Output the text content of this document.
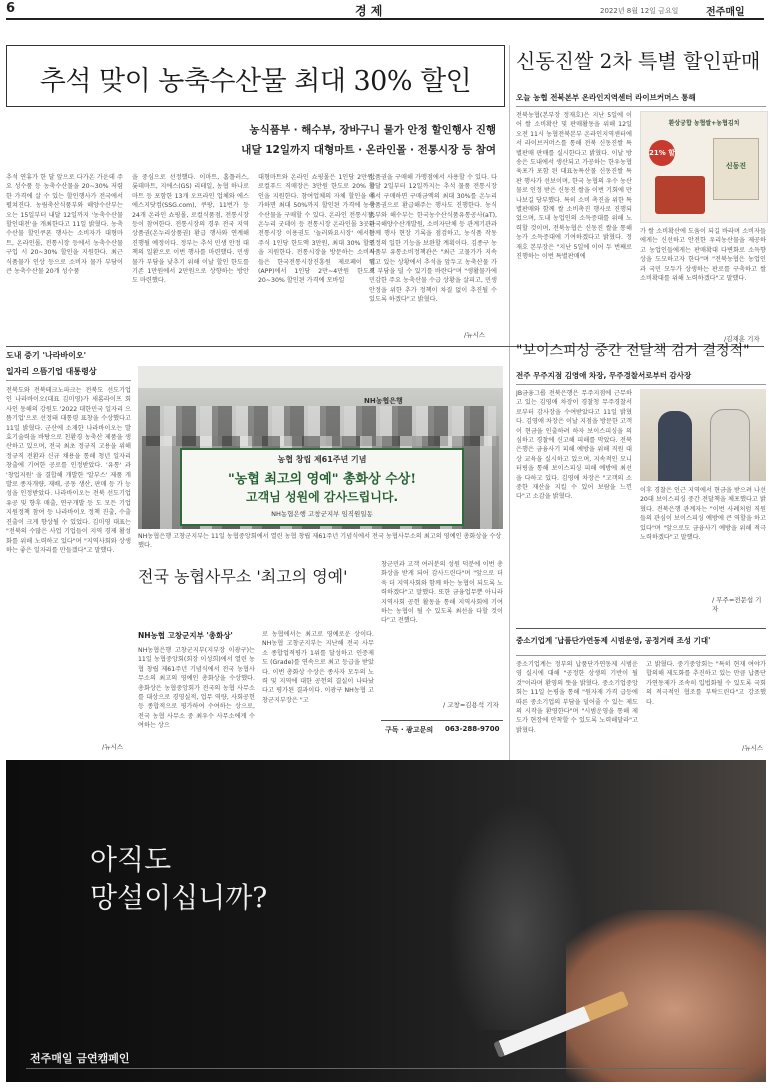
6	경 제	2022년 8월 12일 금요일	전주매일
추석 맞이 농축수산물 최대 30% 할인
농식품부 · 해수부, 장바구니 물가 안정 할인행사 진행
내달 12일까지 대형마트 · 온라인몰 · 전통시장 등 참여
추석 연휴가 한 달 앞으로 다가온 가운데 주요 성수품 등 농축수산물을 20~30% 저렴한 가격에 살 수 있는 할인행사가 전국에서 펼쳐진다. 농림축산식품부와 해양수산부는 오는 15일부터 내달 12일까지 '농축수산물 할인대전'을 개최한다고 11일 밝혔다. 농축수산물 할인쿠폰 행사는 소비자가 대형마트, 온라인몰, 전통시장 등에서 농축수산물 구입 시 20~30% 할인을 지원한다. 최근 식품물가 인상 등으로 소비자 물가 부담이 큰 농축수산물 20개 성수품
을 중심으로 선정했다. 이마트, 홈플러스, 롯데마트, 지에스(GS) 리테일, 농협 하나로마트 등 포함한 13개 오프라인 업체와 에스에스지닷컴(SSG.com), 쿠팡, 11번가 등 24개 온라인 쇼핑몰, 로컬식품점, 전통시장 등이 참여한다. 전통시장의 경우 전국 지역상품권(온누리상품권) 환급 행사와 연계해 진행될 예정이다. 정부는 추석 민생 안정 대책의 일환으로 이번 행사를 마련했다. 민생 물가 부담을 낮추기 위해 이날 할인 한도를 기존 1만원에서 2만원으로 상향하는 방안도 마련했다.
대형마트와 온라인 쇼핑몰은 1인당 2만원, 로컬푸드 직매장은 3만원 한도로 20% 할인을 지원한다. 참여업체의 자체 할인을 추가하면 최대 50%까지 할인된 가격에 농축수산물을 구매할 수 있다. 온라인 전통시장, 온누리 굿데이 등 전통시장 온라인몰 3곳과 전통시장 이용권도 '놀러와요시장' 에서는 주식 1인당 한도액 3만원, 최대 30% 할인을 지원한다. 전통시장을 방문하는 소비자들은 한국전통시장진흥원 제로페이 앱(APP)에서 1인당 2만~4만원 한도로 20~30% 할인된 가격에 모바일
상품권을 구매해 가맹점에서 사용할 수 있다. 다음달 2일부터 12일까지는 추석 물품 전통시장에서 구매하면 구매금액의 최대 30%를 온누리상품권으로 환급해주는 행사도 진행한다. 농식품부와 해수부는 한국농수산식품유통공사(aT), 한국해양수산개발원, 소비자단체 등 관계기관과 함께 행사 현장 기록을 점검하고, 농식품 작동 조정의 일한 기능을 보완할 계획이다. 김종구 농식품부 유통소비정책관은 "최근 고물가가 지속되고 있는 상황에서 추석을 앞두고 농축산물 가격 부담을 덜 수 있기를 바란다"며 "생활물가에 민감한 주요 농축산물 수급 상황을 살피고, 민생 안정을 위한 추가 정책이 차질 없이 추진될 수 있도록 하겠다"고 밝혔다.
/뉴시스
신동진쌀 2차 특별 할인판매
오늘 농협 전북본부 온라인지역센터 라이브커머스 통해
전북농협(본부장 정재호)은 지난 5일에 이어 쌀 소비확산 및 판매활동을 위해 12일 오전 11시 농협전북본부 온라인지역센터에서 라이브커머스를 통해 전북 신동진쌀 특별판매 판매를 실시한다고 밝혔다. 이날 방송은 도내에서 생산되고 가공하는 한우농협 육포가 포함 된 대표농특산물 신동진쌀 특판 행사가 선보이며, 한국 농협의 우수 농산물로 인정 받은 신동진 쌀을 이번 기회에 만나보길 당부했다. 특히 소비 촉진을 위한 특별판매와 함께 쌀 소비촉진 행사로 진행되었으며, 도내 농업인의 소득증대를 위해 노력할 것이며, 전북농협은 신동진 쌀을 통해 농가 소득증대에 기여하겠다고 밝혔다. 정재호 본부장은 "지난 5일에 이어 두 번째로 진행하는 이번 특별판매에
환상궁합 농협쌀+농협김치
21% 할
신동진
가 쌀 소비확산에 도움이 되길 바라며 소비자들에게는 신선하고 안전한 우리농산물을 제공하고 농업인들에게는 판매확대 다변화로 소득향상을 도모하고자 한다"며 "전북농협은 농업인과 국민 모두가 상생하는 판로를 구축하고 쌀 소비확대를 위해 노력하겠다"고 말했다.
/김재훈 기자
도내 중기 '나라바이오'
일자리 으뜸기업 대통령상
전북도와 전북테크노파크는 전북도 선도기업인 나라바이오(대표 김미영)가 새롬라이프 회사인 동해의 강원도 '2022 대한민국 일자리 으뜸기업'으로 선정돼 대통령 표창을 수상했다고 11일 밝혔다. 군산에 소재한 나라바이오는 발효기술력을 바탕으로 친환경 농축산 제품을 생산하고 있으며, 전국 최초 정규직 고용을 위해 정규직 전환과 신규 채용을 통해 청년 일자리 창출에 기여한 공로를 인정받았다. '유통' 과 '창업지원' 을 결합해 개발한 '알부스' 제품 개발로 종자개량, 재배, 공동 생산, 판매 등 가 능성을 인정받았다. 나라바이오는 전북 선도기업 유공 및 향후 매출, 연구개발 등 도 모든 기업 지원정책 참여 등 나라바이오 정책 진출, 수출 진출이 크게 향상될 수 있었다. 김미영 대표는 "전북의 수많은 사업 기업들이 지역 경제 활성화를 위해 노력하고 있다"며 "지역사회와 상생하는 좋은 일자리를 만들겠다"고 말했다.
/뉴시스
NH농협은행
농협 창립 제61주년 기념
"농협 최고의 영예" 총화상 수상!
고객님 성원에 감사드립니다.
NH농협은행 고창군지부 임직원일동
NH농협은행 고창군지부는 11일 농협중앙회에서 열린 농협 창립 제61주년 기념식에서 전국 농협사무소의 최고의 영예인 총화상을 수상했다.
전국 농협사무소 '최고의 영예'
NH농협 고창군지부 '총화상'
NH농협은행 고창군지부(지부장 이광구)는 11일 농협중앙회(회장 이성희)에서 열린 농협 창립 제61주년 기념식에서 전국 농협사무소의 최고의 영예인 총화상을 수상했다. 총화상은 농협중앙회가 전국의 농협 사무소를 대상으로 경영실적, 업무 역량, 사회공헌 등 종합적으로 평가하여 수여하는 상으로, 전국 농협 사무소 중 최우수 사무소에게 수여하는 상으
로 농협에서는 최고로 영예로운 상이다. NH농협 고창군지부는 지난해 전국 사무소 종합업적평가 1위를 달성하고 인증제도 (Grade)를 연속으로 최고 등급을 받았다. 이번 총화상 수상은 종사자 모두의 노력 및 지역에 대한 공헌의 결실이 나타났다고 평가된 결과이다. 이광구 NH농협 고창군지부장은 "고
창군민과 고객 여러분의 성원 덕분에 이번 총화상을 받게 되어 감사드린다"며 "앞으로 더욱 더 지역사회와 함께 하는 농협이 되도록 노력하겠다"고 말했다. 또한 금융업무뿐 아니라 지역사회 공헌 활동을 통해 지역사회에 기여하는 농협이 될 수 있도록 최선을 다할 것이다"고 전했다.
/ 고창=김용석 기자
구독 · 광고문의 063-288-9700
"보이스피싱 중간 전달책 검거 결정적"
전주 무주지점 김영애 차장, 무주경찰서로부터 감사장
JB금융그룹 전북은행은 무주지점에 근무하고 있는 김영애 차장이 경찰청 무주경찰서로부터 감사장을 수여받았다고 11일 밝혔다. 김영애 차장은 이날 지점을 방문한 고객이 현금을 인출하려 하자 보이스피싱을 의심하고 경찰에 신고해 피해를 막았다. 전북은행은 금융사기 피해 예방을 위해 직원 대상 교육을 실시하고 있으며, 지속적인 모니터링을 통해 보이스피싱 피해 예방에 최선을 다하고 있다. 김영애 차장은 "고객의 소중한 재산을 지킬 수 있어 보람을 느낀다"고 소감을 밝혔다.
이후 경찰은 인근 지역에서 현금을 받으려 나선 20대 보이스피싱 중간 전달책을 체포했다고 밝혔다. 전북은행 관계자는 "이번 사례처럼 직원들의 관심이 보이스피싱 예방에 큰 역할을 하고 있다"며 "앞으로도 금융사기 예방을 위해 적극 노력하겠다"고 말했다.
/ 무주=전문섭 기자
중소기업계 '납품단가연동제 시범운영, 공정거래 조성 기대'
중소기업계는 정부의 납품단가연동제 시범운영 실시에 대해 "공정한 상생의 기반이 될 것"이라며 환영의 뜻을 밝혔다. 중소기업중앙회는 11일 논평을 통해 "원자재 가격 급등에 따른 중소기업의 부담을 덜어줄 수 있는 제도의 시작을 환영한다"며 "시범운영을 통해 제도가 현장에 안착할 수 있도록 노력해달라"고 밝혔다.
고 밝혔다. 중기중앙회는 "특히 현재 여야가 합의해 제도화를 추진하고 있는 만큼 납품단가연동제가 조속히 입법화될 수 있도록 국회의 적극적인 협조를 부탁드린다"고 강조했다.
/뉴시스
아직도
망설이십니까?
전주매일 금연캠페인
